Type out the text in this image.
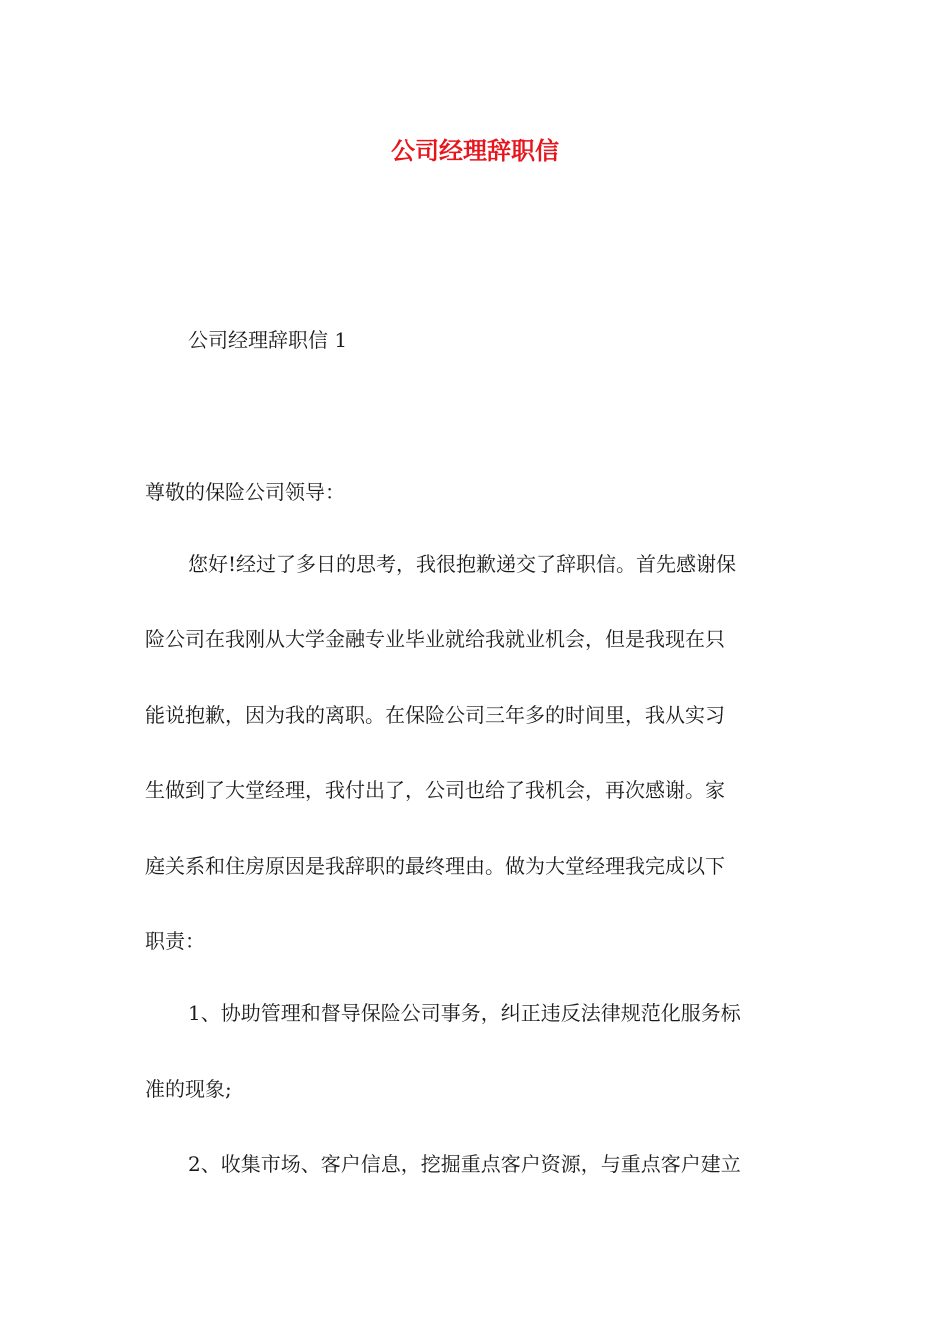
公司经理辞职信

公司经理辞职信 1

尊敬的保险公司领导：

您好!经过了多日的思考，我很抱歉递交了辞职信。首先感谢保

险公司在我刚从大学金融专业毕业就给我就业机会，但是我现在只

能说抱歉，因为我的离职。在保险公司三年多的时间里，我从实习

生做到了大堂经理，我付出了，公司也给了我机会，再次感谢。家

庭关系和住房原因是我辞职的最终理由。做为大堂经理我完成以下

职责：

1、协助管理和督导保险公司事务，纠正违反法律规范化服务标

准的现象;

2、收集市场、客户信息，挖掘重点客户资源，与重点客户建立
